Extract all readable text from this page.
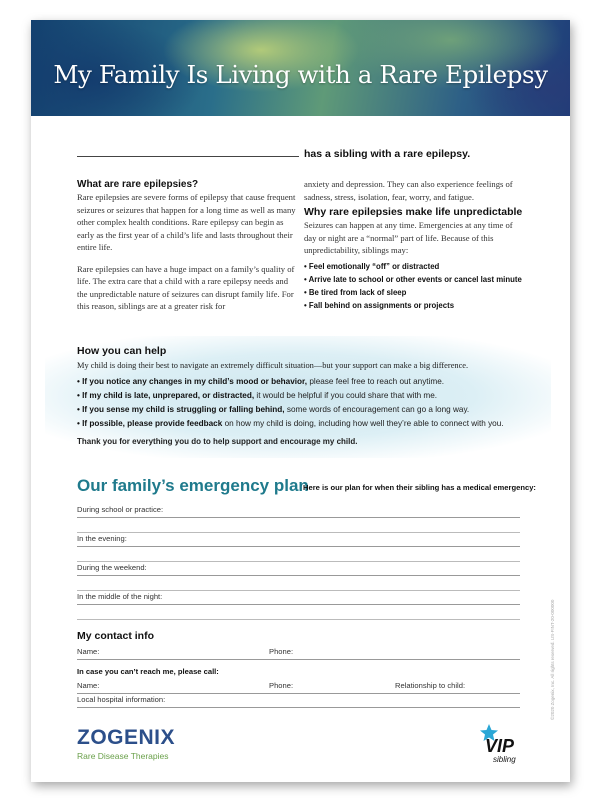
My Family Is Living with a Rare Epilepsy
has a sibling with a rare epilepsy.
What are rare epilepsies?

Rare epilepsies are severe forms of epilepsy that cause frequent seizures or seizures that happen for a long time as well as many other complex health conditions. Rare epilepsy can begin as early as the first year of a child’s life and lasts throughout their entire life.

Rare epilepsies can have a huge impact on a family’s quality of life. The extra care that a child with a rare epilepsy needs and the unpredictable nature of seizures can disrupt family life. For this reason, siblings are at a greater risk for

anxiety and depression. They can also experience feelings of sadness, stress, isolation, fear, worry, and fatigue.

Why rare epilepsies make life unpredictable

Seizures can happen at any time. Emergencies at any time of day or night are a “normal” part of life. Because of this unpredictability, siblings may:

• Feel emotionally “off” or distracted
• Arrive late to school or other events or cancel last minute
• Be tired from lack of sleep
• Fall behind on assignments or projects
How you can help
My child is doing their best to navigate an extremely difficult situation—but your support can make a big difference.
• If you notice any changes in my child’s mood or behavior, please feel free to reach out anytime.
• If my child is late, unprepared, or distracted, it would be helpful if you could share that with me.
• If you sense my child is struggling or falling behind, some words of encouragement can go a long way.
• If possible, please provide feedback on how my child is doing, including how well they’re able to connect with you.
Thank you for everything you do to help support and encourage my child.
Our family’s emergency plan
Here is our plan for when their sibling has a medical emergency:
During school or practice:
In the evening:
During the weekend:
In the middle of the night:
My contact info
Name:	Phone:
In case you can’t reach me, please call:
Name:	Phone:	Relationship to child:
Local hospital information:
ZOGENIX
Rare Disease Therapies	VIP
sibling
©2020 Zogenix, Inc. All rights reserved. US-FINT-20-000000
